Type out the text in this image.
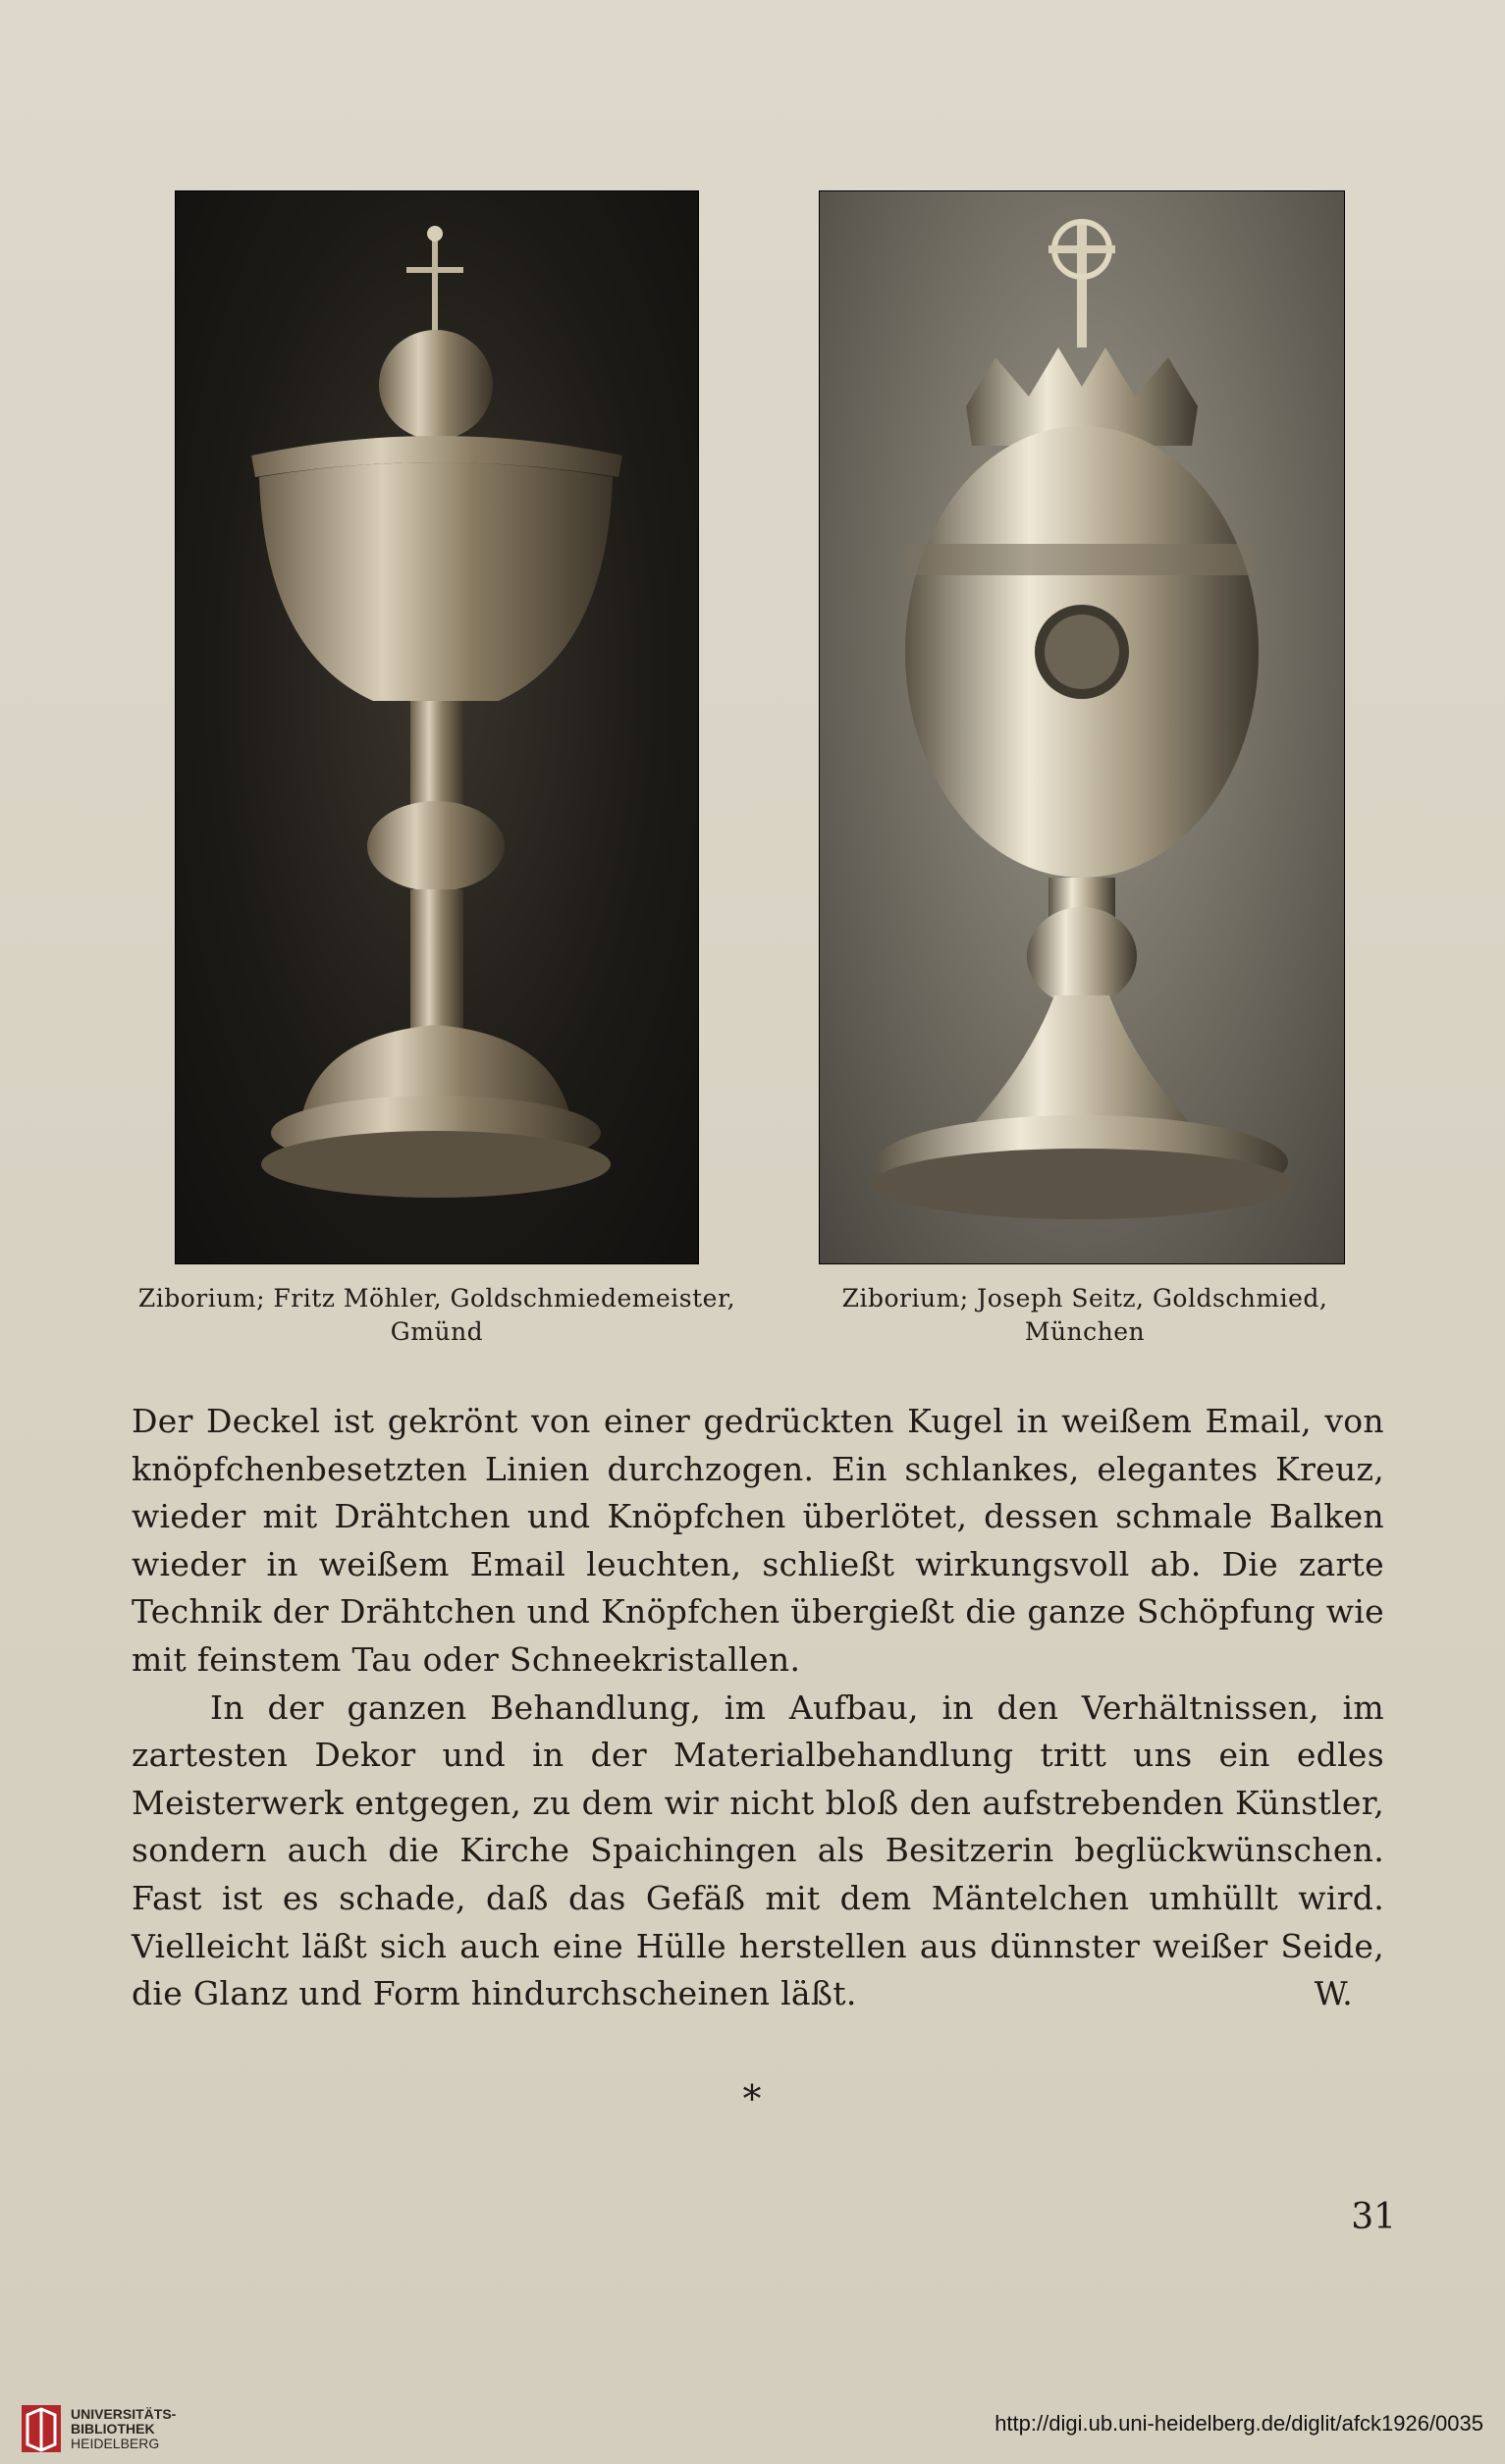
Ziborium; Fritz Möhler, Goldschmiedemeister,
Gmünd
Ziborium; Joseph Seitz, Goldschmied,
München

Der Deckel ist gekrönt von einer gedrückten Kugel in weißem Email, von knöpfchenbesetzten Linien durchzogen. Ein schlankes, elegantes Kreuz, wieder mit Drähtchen und Knöpfchen überlötet, dessen schmale Balken wieder in weißem Email leuchten, schließt wirkungsvoll ab. Die zarte Technik der Drähtchen und Knöpfchen übergießt die ganze Schöpfung wie mit feinstem Tau oder Schneekristallen.

In der ganzen Behandlung, im Aufbau, in den Verhältnissen, im zartesten Dekor und in der Materialbehandlung tritt uns ein edles Meisterwerk entgegen, zu dem wir nicht bloß den aufstrebenden Künstler, sondern auch die Kirche Spaichingen als Besitzerin beglückwünschen. Fast ist es schade, daß das Gefäß mit dem Mäntelchen umhüllt wird. Vielleicht läßt sich auch eine Hülle herstellen aus dünnster weißer Seide, die Glanz und Form hindurchscheinen läßt.	W.

*
31
UNIVERSITÄTS-
BIBLIOTHEK
HEIDELBERG
http://digi.ub.uni-heidelberg.de/diglit/afck1926/0035
